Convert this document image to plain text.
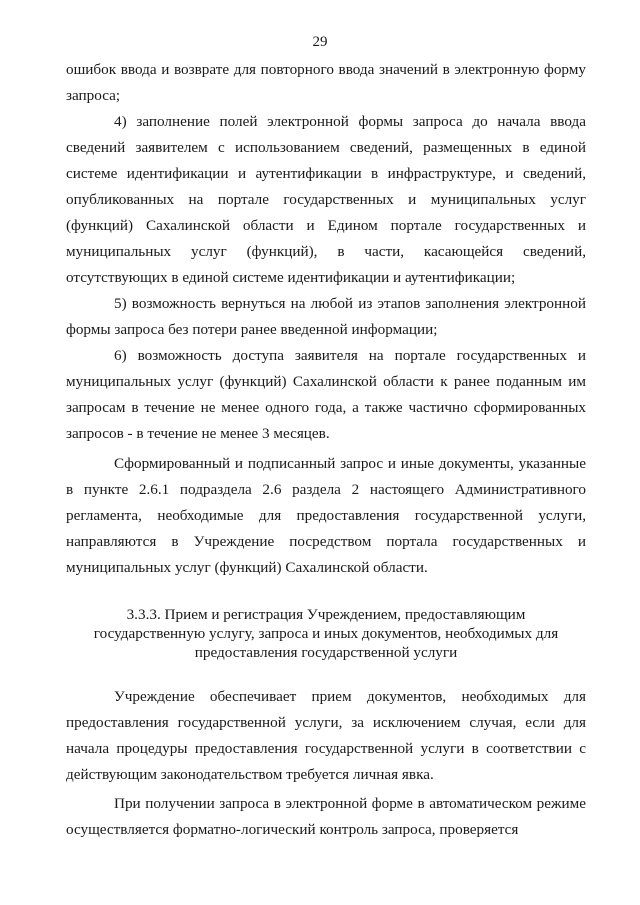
29

ошибок ввода и возврате для повторного ввода значений в электронную форму запроса;

4) заполнение полей электронной формы запроса до начала ввода сведений заявителем с использованием сведений, размещенных в единой системе идентификации и аутентификации в инфраструктуре, и сведений, опубликованных на портале государственных и муниципальных услуг (функций) Сахалинской области и Едином портале государственных и муниципальных услуг (функций), в части, касающейся сведений, отсутствующих в единой системе идентификации и аутентификации;

5) возможность вернуться на любой из этапов заполнения электронной формы запроса без потери ранее введенной информации;

6) возможность доступа заявителя на портале государственных и муниципальных услуг (функций) Сахалинской области к ранее поданным им запросам в течение не менее одного года, а также частично сформированных запросов - в течение не менее 3 месяцев.

Сформированный и подписанный запрос и иные документы, указанные в пункте 2.6.1 подраздела 2.6 раздела 2 настоящего Административного регламента, необходимые для предоставления государственной услуги, направляются в Учреждение посредством портала государственных и муниципальных услуг (функций) Сахалинской области.

3.3.3. Прием и регистрация Учреждением, предоставляющим
государственную услугу, запроса и иных документов, необходимых для
предоставления государственной услуги

Учреждение обеспечивает прием документов, необходимых для предоставления государственной услуги, за исключением случая, если для начала процедуры предоставления государственной услуги в соответствии с действующим законодательством требуется личная явка.

При получении запроса в электронной форме в автоматическом режиме осуществляется форматно-логический контроль запроса, проверяется
